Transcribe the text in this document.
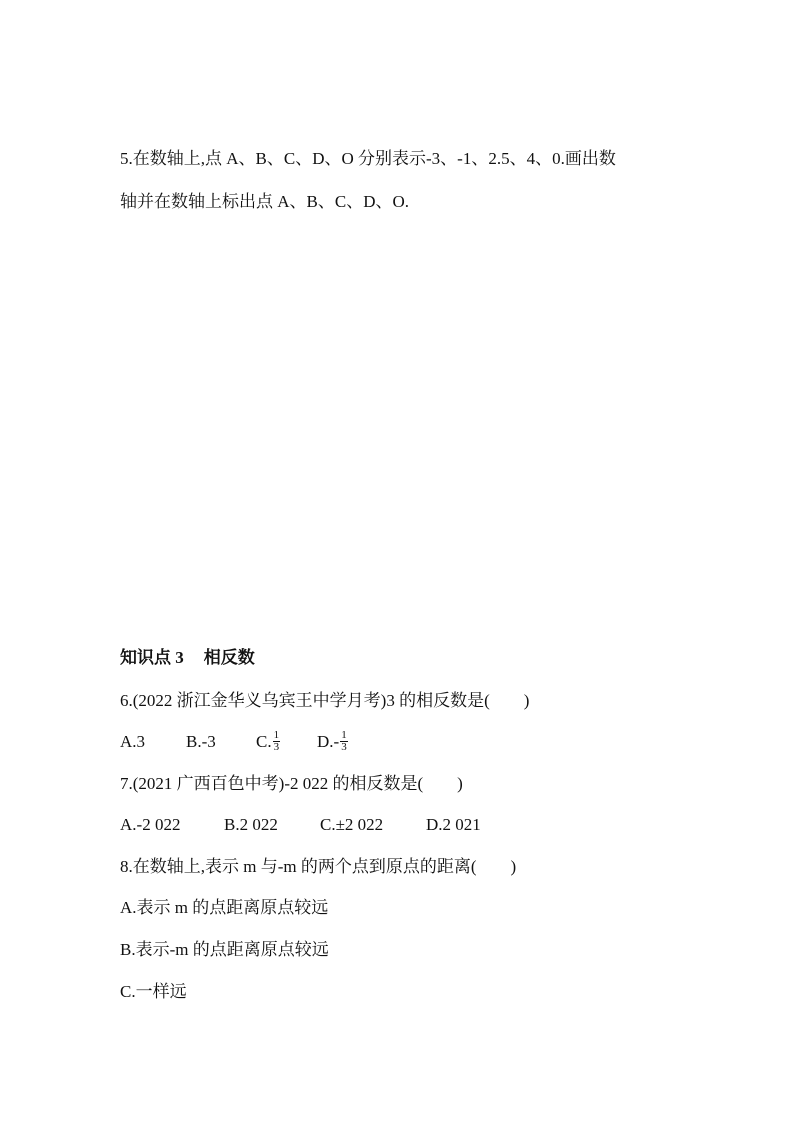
5.在数轴上,点 A、B、C、D、O 分别表示-3、-1、2.5、4、0.画出数
轴并在数轴上标出点 A、B、C、D、O.
知识点 3 相反数
6.(2022 浙江金华义乌宾王中学月考)3 的相反数是(　　)
A.3 B.-3 C. $\frac{1}{3} D.- \frac{1}{3}$
7.(2021 广西百色中考)-2 022 的相反数是(　　)
A.-2 022	B.2 022 C.±2 022	D.2 021
8.在数轴上,表示 m 与-m 的两个点到原点的距离(　　)
A.表示 m 的点距离原点较远
B.表示-m 的点距离原点较远
C.一样远
